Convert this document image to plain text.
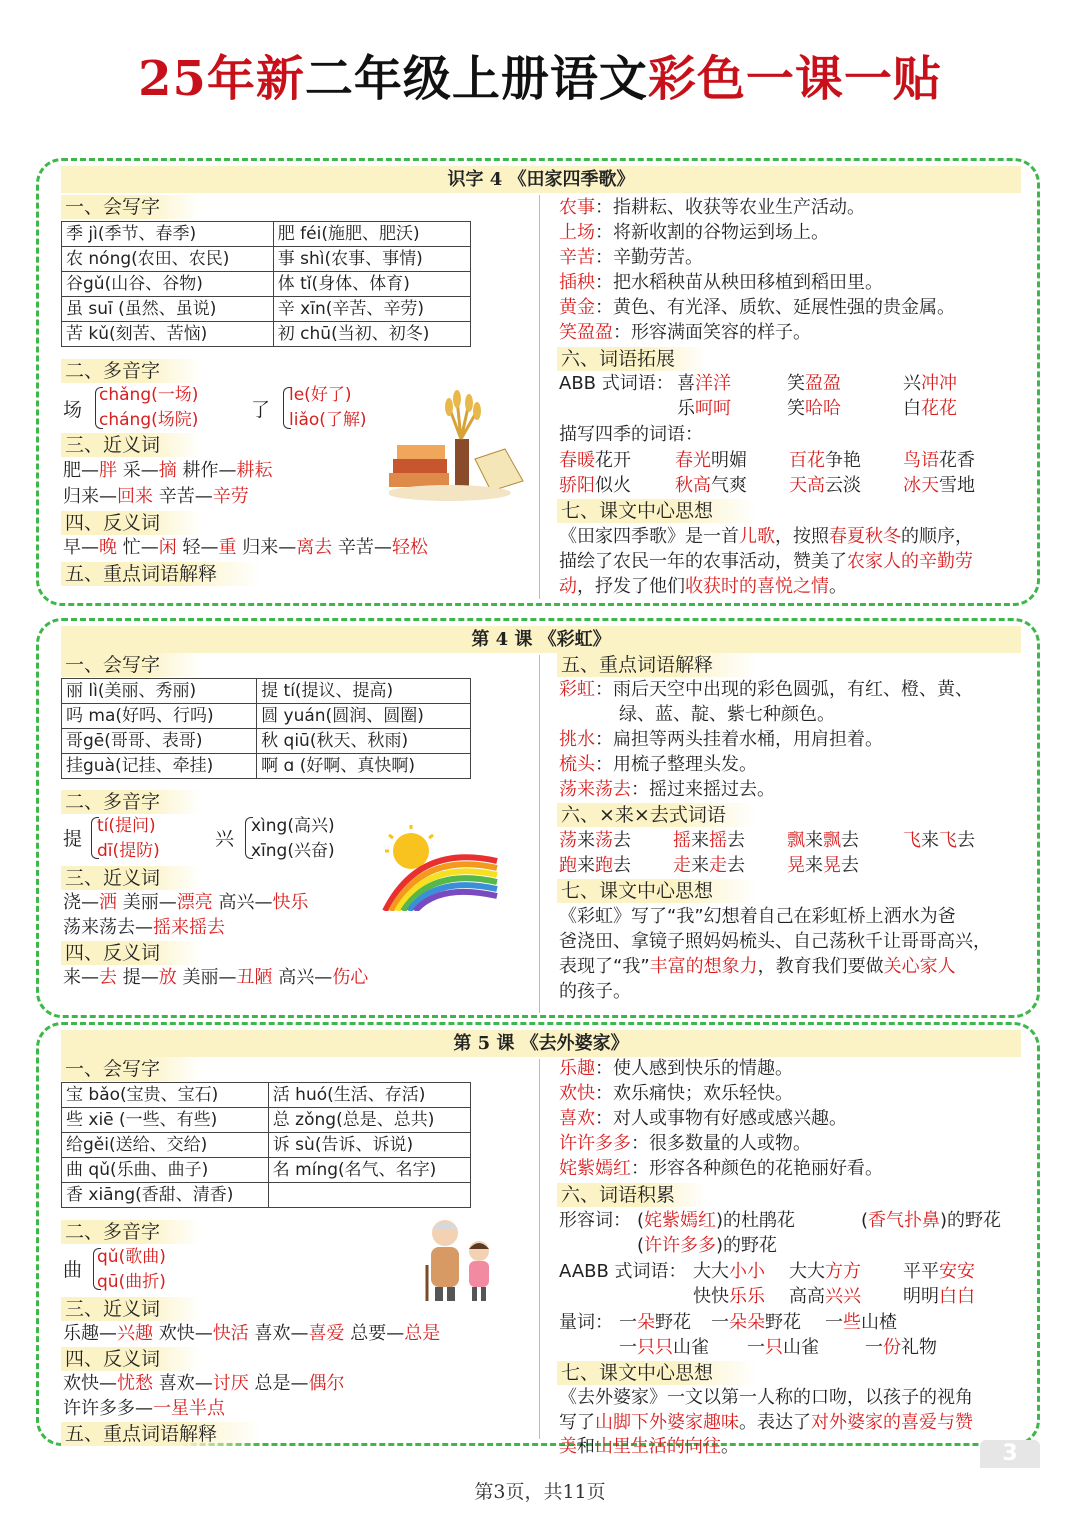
25年新二年级上册语文彩色一课一贴
识字 4 《田家四季歌》
一、会写字
季 jì(季节、春季)	肥 féi(施肥、肥沃)
农 nóng(农田、农民)	事 shì(农事、事情)
谷gǔ(山谷、谷物)	体 tǐ(身体、体育)
虽 suī (虽然、虽说)	辛 xīn(辛苦、辛劳)
苦 kǔ(刻苦、苦恼)	初 chū(当初、初冬)
二、多音字
场
chǎng(一场)
cháng(场院)	了
le(好了)
liǎo(了解)
三、近义词
肥—胖 采—摘 耕作—耕耘
归来—回来 辛苦—辛劳
四、反义词
早—晚 忙—闲 轻—重 归来—离去 辛苦—轻松
五、重点词语解释
农事：指耕耘、收获等农业生产活动。
上场：将新收割的谷物运到场上。
辛苦：辛勤劳苦。
插秧：把水稻秧苗从秧田移植到稻田里。
黄金：黄色、有光泽、质软、延展性强的贵金属。
笑盈盈：形容满面笑容的样子。
六、词语拓展
ABB 式词语： 喜洋洋	笑盈盈	兴冲冲
乐呵呵	笑哈哈	白花花
描写四季的词语：
春暖花开 春光明媚 百花争艳 鸟语花香
骄阳似火 秋高气爽 天高云淡 冰天雪地
七、课文中心思想
《田家四季歌》是一首儿歌，按照春夏秋冬的顺序，
描绘了农民一年的农事活动，赞美了农家人的辛勤劳
动，抒发了他们收获时的喜悦之情。
第 4 课 《彩虹》
一、会写字
丽 lì(美丽、秀丽)	提 tí(提议、提高)
吗 ma(好吗、行吗)	圆 yuán(圆润、圆圈)
哥gē(哥哥、表哥)	秋 qiū(秋天、秋雨)
挂guà(记挂、牵挂)	啊 ɑ (好啊、真快啊)
二、多音字
提
tí(提问)
dī(提防)
兴
xìng(高兴)
xīng(兴奋)
三、近义词
浇—洒 美丽—漂亮 高兴—快乐
荡来荡去—摇来摇去
四、反义词
来—去 提—放 美丽—丑陋 高兴—伤心
五、重点词语解释
彩虹：雨后天空中出现的彩色圆弧，有红、橙、黄、
绿、蓝、靛、紫七种颜色。
挑水：扁担等两头挂着水桶，用肩担着。
梳头：用梳子整理头发。
荡来荡去：摇过来摇过去。
六、×来×去式词语
荡来荡去 摇来摇去 飘来飘去 飞来飞去
跑来跑去 走来走去 晃来晃去
七、课文中心思想
《彩虹》写了“我”幻想着自己在彩虹桥上洒水为爸
爸浇田、拿镜子照妈妈梳头、自己荡秋千让哥哥高兴，
表现了“我”丰富的想象力，教育我们要做关心家人
的孩子。
第 5 课 《去外婆家》
一、会写字
宝 bǎo(宝贵、宝石)	活 huó(生活、存活)
些 xiē (一些、有些)	总 zǒng(总是、总共)
给gěi(送给、交给)	诉 sù(告诉、诉说)
曲 qǔ(乐曲、曲子)	名 míng(名气、名字)
香 xiāng(香甜、清香)	
二、多音字
曲
qǔ(歌曲)
qū(曲折)
三、近义词
乐趣—兴趣 欢快—快活 喜欢—喜爱 总要—总是
四、反义词
欢快—忧愁 喜欢—讨厌 总是—偶尔
许许多多—一星半点
五、重点词语解释
乐趣：使人感到快乐的情趣。
欢快：欢乐痛快；欢乐轻快。
喜欢：对人或事物有好感或感兴趣。
许许多多：很多数量的人或物。
姹紫嫣红：形容各种颜色的花艳丽好看。
六、词语积累
形容词： (姹紫嫣红)的杜鹃花	(香气扑鼻)的野花
(许许多多)的野花
AABB 式词语： 大大小小 大大方方 平平安安
快快乐乐 高高兴兴 明明白白
量词： 一朵野花 一朵朵野花 一些山楂
一只只山雀 一只山雀	一份礼物
七、课文中心思想
《去外婆家》一文以第一人称的口吻，以孩子的视角
写了山脚下外婆家趣味。表达了对外婆家的喜爱与赞
美和山里生活的向往。	3
第3页，共11页
